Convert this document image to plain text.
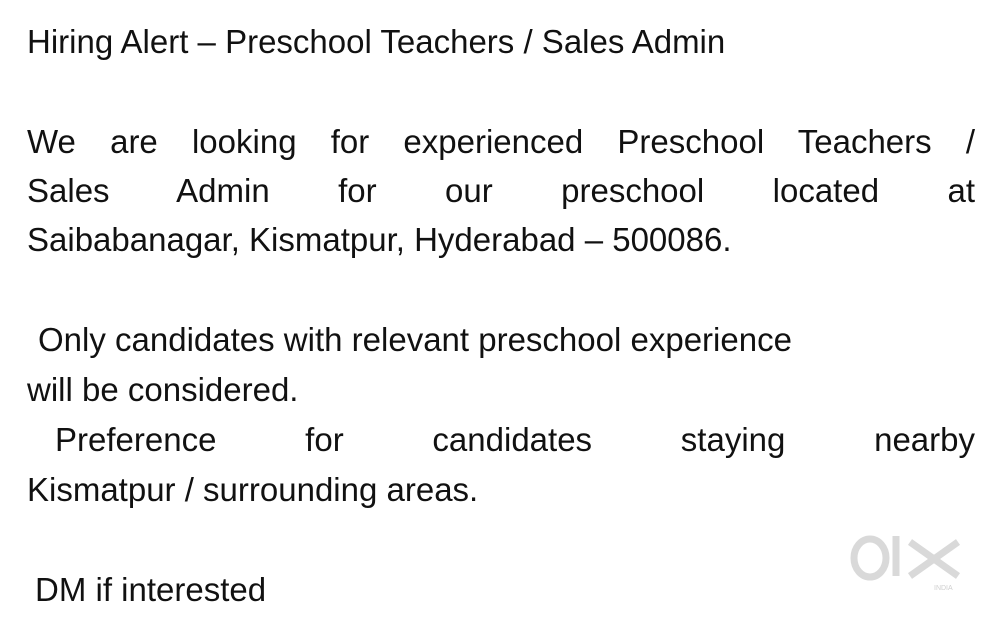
Hiring Alert – Preschool Teachers / Sales Admin
We are looking for experienced Preschool Teachers /
Sales Admin for our preschool located at
Saibabanagar, Kismatpur, Hyderabad – 500086.
Only candidates with relevant preschool experience
will be considered.
Preference for candidates staying nearby
Kismatpur / surrounding areas.
DM if interested	INDIA
